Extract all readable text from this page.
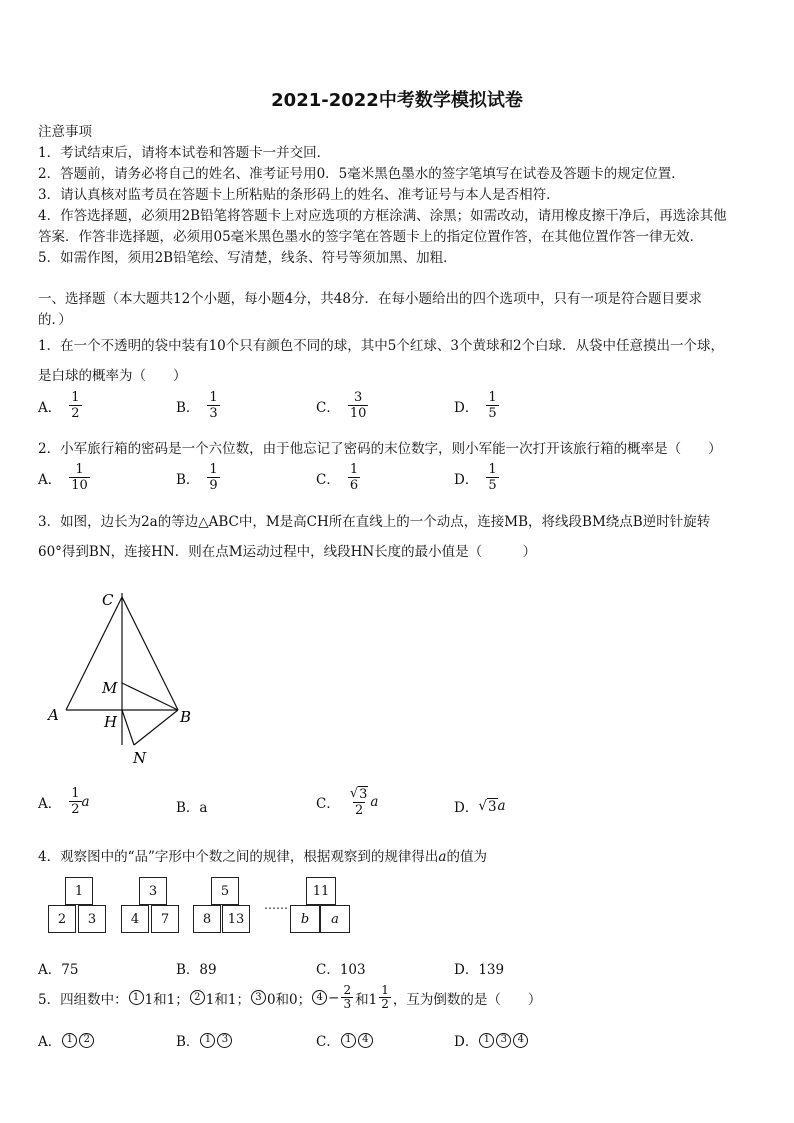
2021-2022中考数学模拟试卷
注意事项
1．考试结束后，请将本试卷和答题卡一并交回．
2．答题前，请务必将自己的姓名、准考证号用0．5毫米黑色墨水的签字笔填写在试卷及答题卡的规定位置．
3．请认真核对监考员在答题卡上所粘贴的条形码上的姓名、准考证号与本人是否相符．
4．作答选择题，必须用2B铅笔将答题卡上对应选项的方框涂满、涂黑；如需改动，请用橡皮擦干净后，再选涂其他
答案．作答非选择题，必须用05毫米黑色墨水的签字笔在答题卡上的指定位置作答，在其他位置作答一律无效．
5．如需作图，须用2B铅笔绘、写清楚，线条、符号等须加黑、加粗．
一、选择题（本大题共12个小题，每小题4分，共48分．在每小题给出的四个选项中，只有一项是符合题目要求
的．）
1．在一个不透明的袋中装有10个只有颜色不同的球，其中5个红球、3个黄球和2个白球．从袋中任意摸出一个球，
是白球的概率为（　　）
A． $\frac{1}{2}$	B． $\frac{1}{3}$	C． $\frac{3}{10}$	D． $\frac{1}{5}$
2．小军旅行箱的密码是一个六位数，由于他忘记了密码的末位数字，则小军能一次打开该旅行箱的概率是（　　）
A． $\frac{1}{10}$	B． $\frac{1}{9}$	C． $\frac{1}{6}$	D． $\frac{1}{5}$
3．如图，边长为2a的等边△ABC中，M是高CH所在直线上的一个动点，连接MB，将线段BM绕点B逆时针旋转
60°得到BN，连接HN．则在点M运动过程中，线段HN长度的最小值是（　　　）
C
M
A	H	B
N
A． $\frac{1}{2}$ a	B．a	C． $\frac{√ 3}{2}$ a	D． √ 3 a
4．观察图中的“品”字形中个数之间的规律，根据观察到的规律得出a的值为
1
2	3
3
4	7
5
8	13
……
11
b	a
A．75	B．89	C．103	D．139
5．四组数中： 1 1和1； 2 1和1； 3 0和0； $4 - \frac{2}{3}$ 和$1 \frac{1}{2}$ ，互为倒数的是（　　）
A． 1	2	B． 1	3	C． 1	4	D． 1	3	4
